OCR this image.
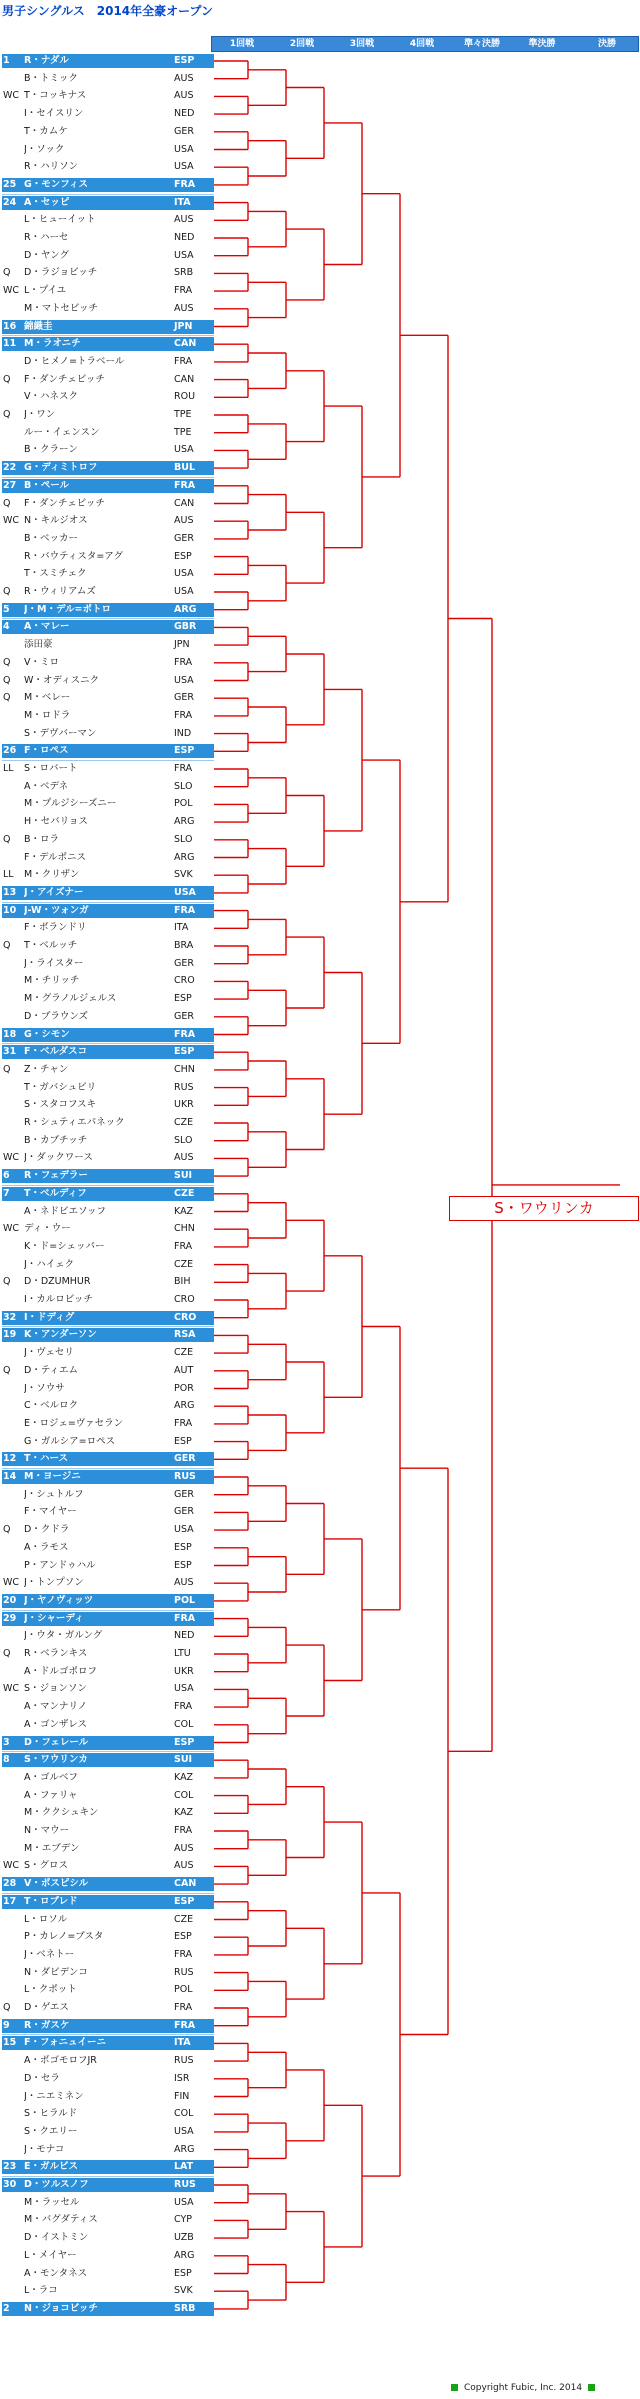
男子シングルス　2014年全豪オープン
1回戦	2回戦	3回戦	4回戦	準々決勝	準決勝	決勝
1	R・ナダル	ESP
B・トミック	AUS
WC T・コッキナス	AUS
I・セイスリン	NED
T・カムケ	GER
J・ソック	USA
R・ハリソン	USA
25 G・モンフィス	FRA
24 A・セッピ	ITA
L・ヒューイット	AUS
R・ハーセ	NED
D・ヤング	USA
Q	D・ラジョビッチ	SRB
WC L・プイユ	FRA
M・マトセビッチ	AUS
16 錦織圭	JPN
11 M・ラオニチ	CAN
D・ヒメノ=トラベール	FRA
Q	F・ダンチェビッチ	CAN
V・ハネスク	ROU
Q	J・ワン	TPE
ルー・イェンスン	TPE
B・クラーン	USA
22 G・ディミトロフ	BUL
27 B・ペール	FRA
Q	F・ダンチェビッチ	CAN
WC N・キルジオス	AUS
B・ベッカー	GER
R・バウティスタ=アグ	ESP
T・スミチェク	USA
Q	R・ウィリアムズ	USA
5	J・M・デル=ポトロ	ARG
4	A・マレー	GBR
添田豪	JPN
Q	V・ミロ	FRA
Q	W・オディスニク	USA
Q	M・ベレー	GER
M・ロドラ	FRA
S・デヴバーマン	IND
26 F・ロペス	ESP
LL	S・ロバート	FRA
A・ベデネ	SLO
M・プルジシーズニー	POL
H・セバリョス	ARG
Q	B・ロラ	SLO
F・デルボニス	ARG
LL	M・クリザン	SVK
13 J・アイズナー	USA
10 J-W・ツォンガ	FRA
F・ボランドリ	ITA
Q	T・ベルッチ	BRA
J・ライスター	GER
M・チリッチ	CRO
M・グラノルジェルス	ESP
D・ブラウンズ	GER
18 G・シモン	FRA
31 F・ベルダスコ	ESP
Q	Z・チャン	CHN
T・ガバシュビリ	RUS
S・スタコフスキ	UKR
R・シュティエパネック	CZE
B・カブチッチ	SLO
WC J・ダックワース	AUS
6	R・フェデラー	SUI
7	T・ベルディフ	CZE
A・ネドビエソッフ	KAZ
WC ディ・ウー	CHN
K・ド=シェッパー	FRA
J・ハイェク	CZE
Q	D・DZUMHUR	BIH
I・カルロビッチ	CRO
32 I・ドディグ	CRO
19 K・アンダーソン	RSA
J・ヴェセリ	CZE
Q	D・ティエム	AUT
J・ソウサ	POR
C・ベルロク	ARG
E・ロジェ=ヴァセラン	FRA
G・ガルシア=ロペス	ESP
12 T・ハース	GER
14 M・ヨージニ	RUS
J・シュトルフ	GER
F・マイヤー	GER
Q	D・クドラ	USA
A・ラモス	ESP
P・アンドゥハル	ESP
WC J・トンプソン	AUS
20 J・ヤノヴィッツ	POL
29 J・シャーディ	FRA
J・ウタ・ガルング	NED
Q	R・ベランキス	LTU
A・ドルゴポロフ	UKR
WC S・ジョンソン	USA
A・マンナリノ	FRA
A・ゴンザレス	COL
3	D・フェレール	ESP
8	S・ワウリンカ	SUI
A・ゴルベフ	KAZ
A・ファリャ	COL
M・ククシュキン	KAZ
N・マウー	FRA
M・エブデン	AUS
WC S・グロス	AUS
28 V・ポスピシル	CAN
17 T・ロブレド	ESP
L・ロソル	CZE
P・カレノ=ブスタ	ESP
J・ベネトー	FRA
N・ダビデンコ	RUS
L・クボット	POL
Q	D・ゲエス	FRA
9	R・ガスケ	FRA
15 F・フォニュイーニ	ITA
A・ボゴモロフJR	RUS
D・セラ	ISR
J・ニエミネン	FIN
S・ヒラルド	COL
S・クエリー	USA
J・モナコ	ARG
23 E・ガルビス	LAT
30 D・ツルスノフ	RUS
M・ラッセル	USA
M・バグダティス	CYP
D・イストミン	UZB
L・メイヤー	ARG
A・モンタネス	ESP
L・ラコ	SVK
2	N・ジョコビッチ	SRB
S・ワウリンカ
Copyright Fubic, Inc. 2014
